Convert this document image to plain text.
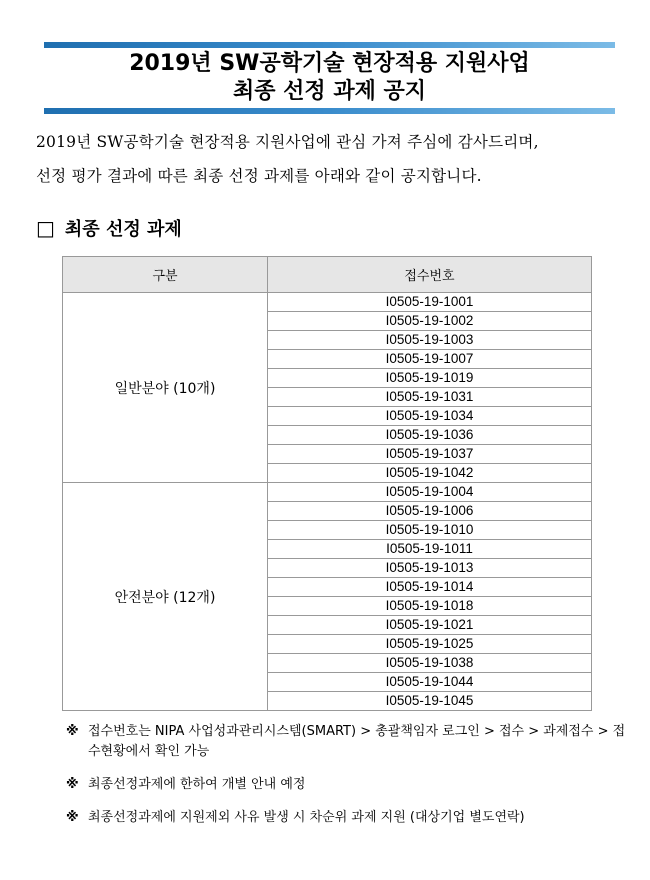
2019년 SW공학기술 현장적용 지원사업
최종 선정 과제 공지
2019년 SW공학기술 현장적용 지원사업에 관심 가져 주심에 감사드리며,
선정 평가 결과에 따른 최종 선정 과제를 아래와 같이 공지합니다.
□ 최종 선정 과제
구분	접수번호
일반분야 (10개)	I0505-19-1001
	I0505-19-1002
	I0505-19-1003
	I0505-19-1007
	I0505-19-1019
	I0505-19-1031
	I0505-19-1034
	I0505-19-1036
	I0505-19-1037
	I0505-19-1042
안전분야 (12개)	I0505-19-1004
	I0505-19-1006
	I0505-19-1010
	I0505-19-1011
	I0505-19-1013
	I0505-19-1014
	I0505-19-1018
	I0505-19-1021
	I0505-19-1025
	I0505-19-1038
	I0505-19-1044
	I0505-19-1045
※ 접수번호는 NIPA 사업성과관리시스템(SMART) > 총괄책임자 로그인 > 접수 > 과제접수 > 접수현황에서 확인 가능
※ 최종선정과제에 한하여 개별 안내 예정
※ 최종선정과제에 지원제외 사유 발생 시 차순위 과제 지원 (대상기업 별도연락)
